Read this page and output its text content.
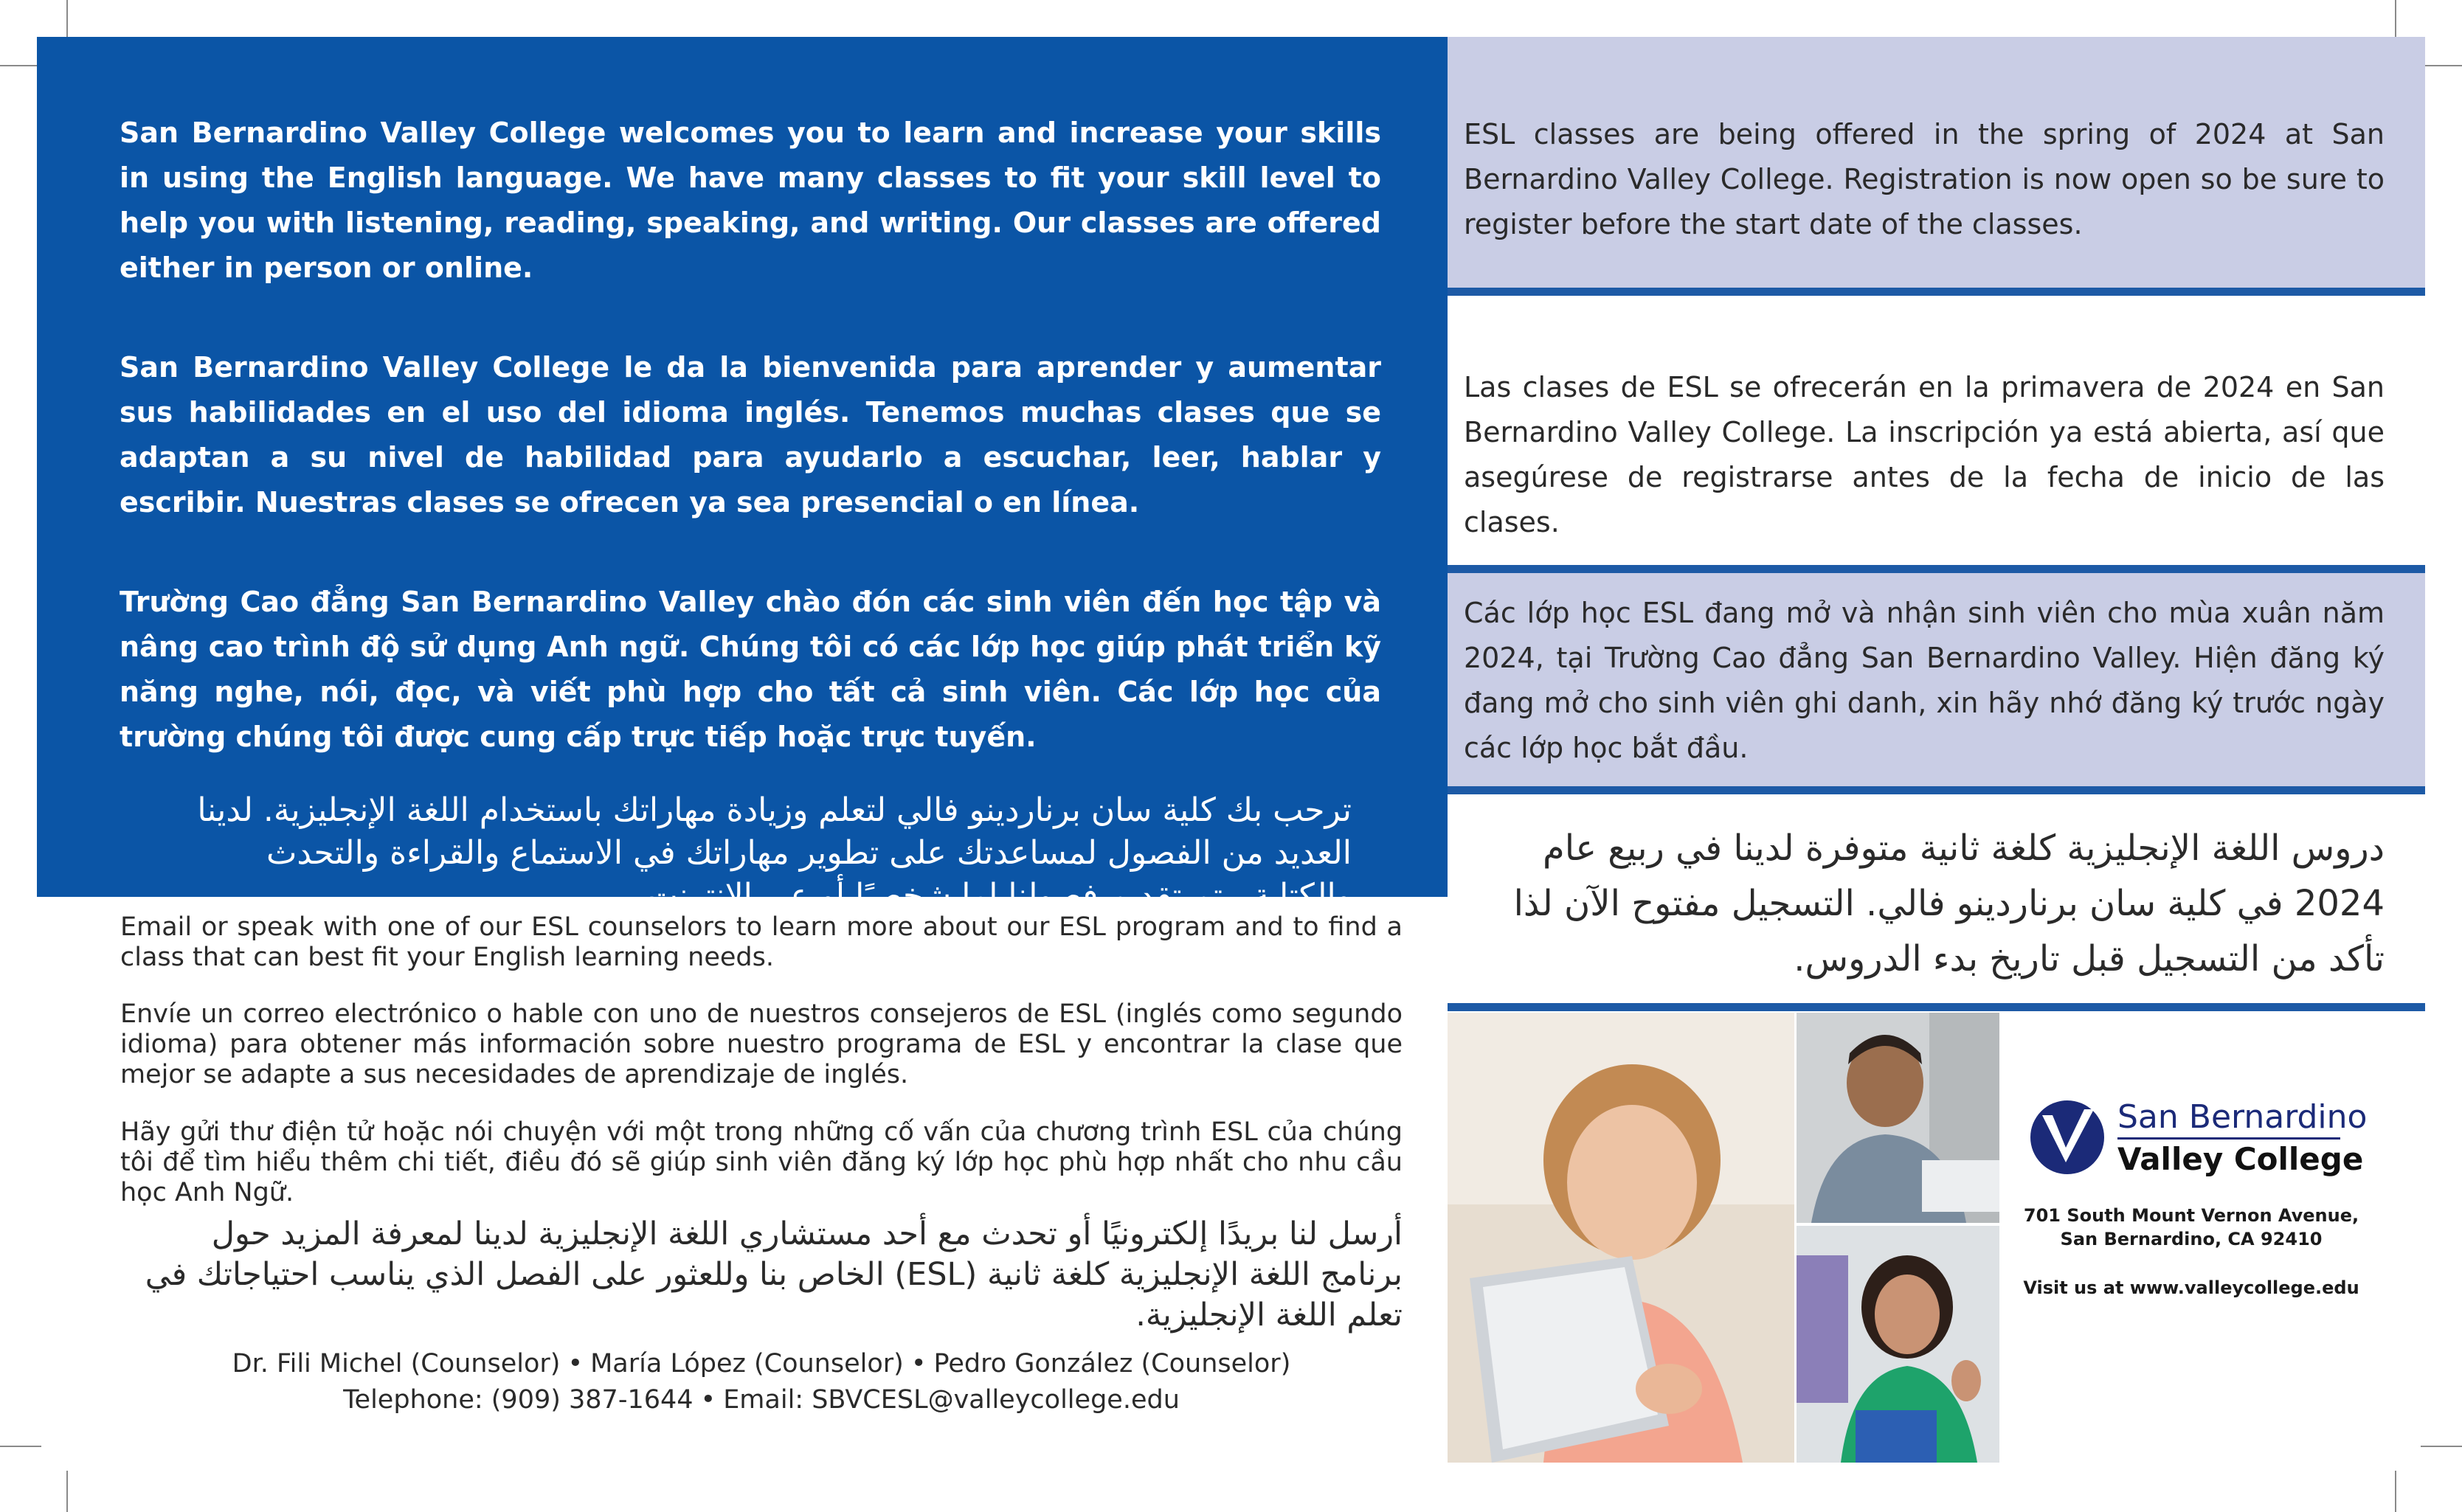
San Bernardino Valley College welcomes you to learn and increase your skills in using the English language. We have many classes to fit your skill level to help you with listening, reading, speaking, and writing. Our classes are offered either in person or online.

San Bernardino Valley College le da la bienvenida para aprender y aumentar sus habilidades en el uso del idioma inglés. Tenemos muchas clases que se adaptan a su nivel de habilidad para ayudarlo a escuchar, leer, hablar y escribir. Nuestras clases se ofrecen ya sea presencial o en línea.

Trường Cao đẳng San Bernardino Valley chào đón các sinh viên đến học tập và nâng cao trình độ sử dụng Anh ngữ. Chúng tôi có các lớp học giúp phát triển kỹ năng nghe, nói, đọc, và viết phù hợp cho tất cả sinh viên. Các lớp học của trường chúng tôi được cung cấp trực tiếp hoặc trực tuyến.

ترحب بك كلية سان برناردينو فالي لتعلم وزيادة مهاراتك باستخدام اللغة الإنجليزية. لدينا العديد من الفصول لمساعدتك على تطوير مهاراتك في الاستماع والقراءة والتحدث والكتابة. يتم تقديم فصولنا إما شخصيًا أو عبر الإنترنت.

ESL classes are being offered in the spring of 2024 at San Bernardino Valley College. Registration is now open so be sure to register before the start date of the classes.
Las clases de ESL se ofrecerán en la primavera de 2024 en San Bernardino Valley College. La inscripción ya está abierta, así que asegúrese de registrarse antes de la fecha de inicio de las clases.
Các lớp học ESL đang mở và nhận sinh viên cho mùa xuân năm 2024, tại Trường Cao đẳng San Bernardino Valley. Hiện đăng ký đang mở cho sinh viên ghi danh, xin hãy nhớ đăng ký trước ngày các lớp học bắt đầu.
دروس اللغة الإنجليزية كلغة ثانية متوفرة لدينا في ربيع عام 2024 في كلية سان برناردينو فالي. التسجيل مفتوح الآن لذا تأكد من التسجيل قبل تاريخ بدء الدروس.

Email or speak with one of our ESL counselors to learn more about our ESL program and to find a class that can best fit your English learning needs.

Envíe un correo electrónico o hable con uno de nuestros consejeros de ESL (inglés como segundo idioma) para obtener más información sobre nuestro programa de ESL y encontrar la clase que mejor se adapte a sus necesidades de aprendizaje de inglés.

Hãy gửi thư điện tử hoặc nói chuyện với một trong những cố vấn của chương trình ESL của chúng tôi để tìm hiểu thêm chi tiết, điều đó sẽ giúp sinh viên đăng ký lớp học phù hợp nhất cho nhu cầu học Anh Ngữ.

أرسل لنا بريدًا إلكترونيًا أو تحدث مع أحد مستشاري اللغة الإنجليزية لدينا لمعرفة المزيد حول برنامج اللغة الإنجليزية كلغة ثانية (ESL) الخاص بنا وللعثور على الفصل الذي يناسب احتياجاتك في تعلم اللغة الإنجليزية.

Dr. Fili Michel (Counselor) • María López (Counselor) • Pedro González (Counselor)
Telephone: (909) 387-1644 • Email: SBVCESL@valleycollege.edu
San Bernardino
Valley College
701 South Mount Vernon Avenue,
San Bernardino, CA 92410
Visit us at www.valleycollege.edu
